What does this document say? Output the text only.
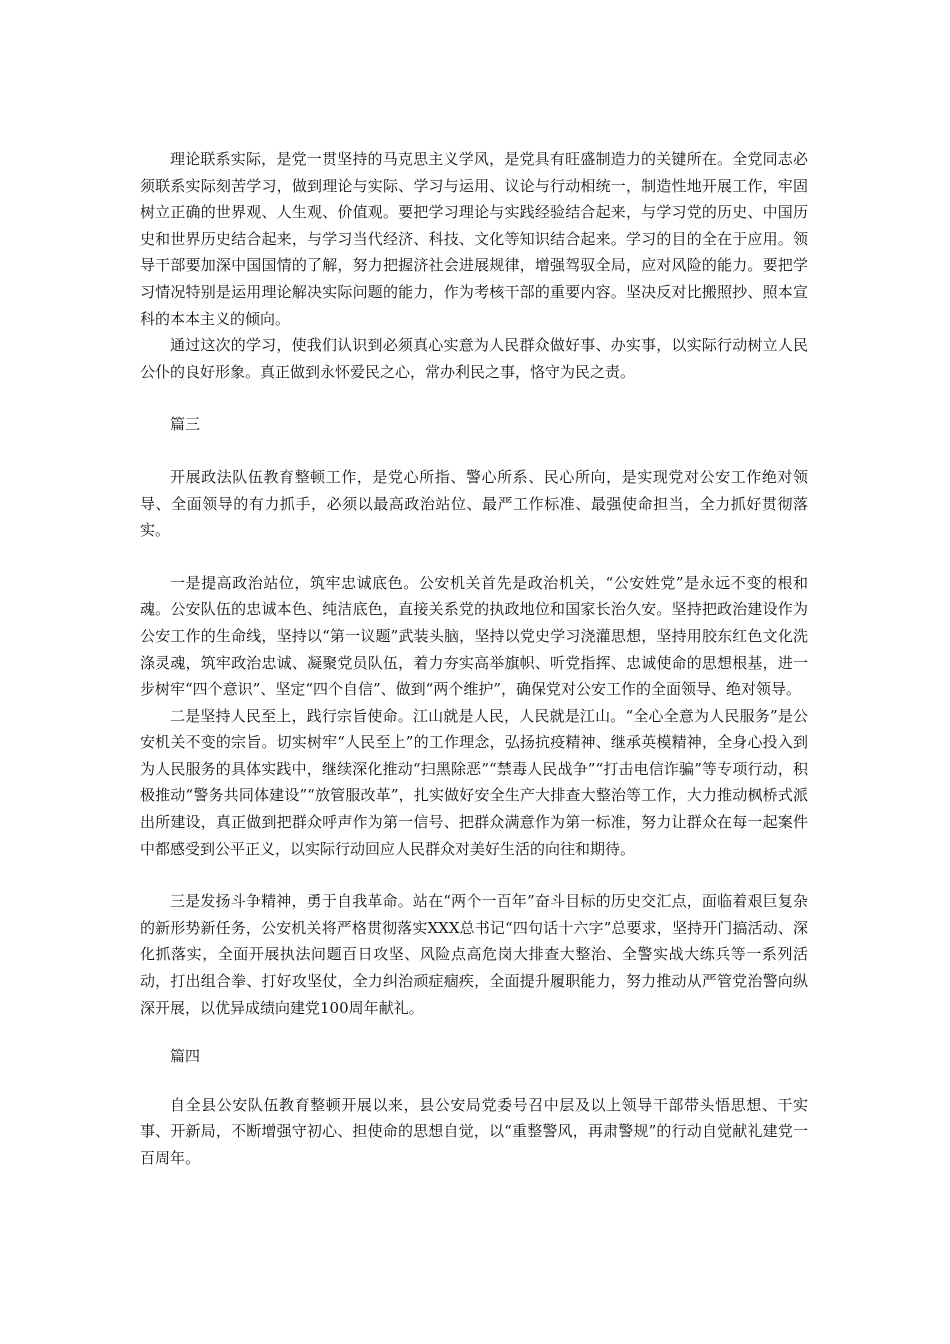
理论联系实际，是党一贯坚持的马克思主义学风，是党具有旺盛制造力的关键所在。全党同志必须联系实际刻苦学习，做到理论与实际、学习与运用、议论与行动相统一，制造性地开展工作，牢固树立正确的世界观、人生观、价值观。要把学习理论与实践经验结合起来，与学习党的历史、中国历史和世界历史结合起来，与学习当代经济、科技、文化等知识结合起来。学习的目的全在于应用。领导干部要加深中国国情的了解，努力把握济社会进展规律，增强驾驭全局，应对风险的能力。要把学习情况特别是运用理论解决实际问题的能力，作为考核干部的重要内容。坚决反对比搬照抄、照本宣科的本本主义的倾向。

通过这次的学习，使我们认识到必须真心实意为人民群众做好事、办实事，以实际行动树立人民公仆的良好形象。真正做到永怀爱民之心，常办利民之事，恪守为民之责。

篇三

开展政法队伍教育整顿工作，是党心所指、警心所系、民心所向，是实现党对公安工作绝对领导、全面领导的有力抓手，必须以最高政治站位、最严工作标准、最强使命担当，全力抓好贯彻落实。

一是提高政治站位，筑牢忠诚底色。公安机关首先是政治机关，“公安姓党”是永远不变的根和魂。公安队伍的忠诚本色、纯洁底色，直接关系党的执政地位和国家长治久安。坚持把政治建设作为公安工作的生命线，坚持以“第一议题”武装头脑，坚持以党史学习浇灌思想，坚持用胶东红色文化洗涤灵魂，筑牢政治忠诚、凝聚党员队伍，着力夯实高举旗帜、听党指挥、忠诚使命的思想根基，进一步树牢“四个意识”、坚定“四个自信”、做到“两个维护”，确保党对公安工作的全面领导、绝对领导。

二是坚持人民至上，践行宗旨使命。江山就是人民，人民就是江山。“全心全意为人民服务”是公安机关不变的宗旨。切实树牢“人民至上”的工作理念，弘扬抗疫精神、继承英模精神，全身心投入到为人民服务的具体实践中，继续深化推动“扫黑除恶”“禁毒人民战争”“打击电信诈骗”等专项行动，积极推动“警务共同体建设”“放管服改革”，扎实做好安全生产大排查大整治等工作，大力推动枫桥式派出所建设，真正做到把群众呼声作为第一信号、把群众满意作为第一标准，努力让群众在每一起案件中都感受到公平正义，以实际行动回应人民群众对美好生活的向往和期待。

三是发扬斗争精神，勇于自我革命。站在“两个一百年”奋斗目标的历史交汇点，面临着艰巨复杂的新形势新任务，公安机关将严格贯彻落实XXX总书记“四句话十六字”总要求，坚持开门搞活动、深化抓落实，全面开展执法问题百日攻坚、风险点高危岗大排查大整治、全警实战大练兵等一系列活动，打出组合拳、打好攻坚仗，全力纠治顽症痼疾，全面提升履职能力，努力推动从严管党治警向纵深开展，以优异成绩向建党100周年献礼。

篇四

自全县公安队伍教育整顿开展以来，县公安局党委号召中层及以上领导干部带头悟思想、干实事、开新局，不断增强守初心、担使命的思想自觉，以“重整警风，再肃警规”的行动自觉献礼建党一百周年。
